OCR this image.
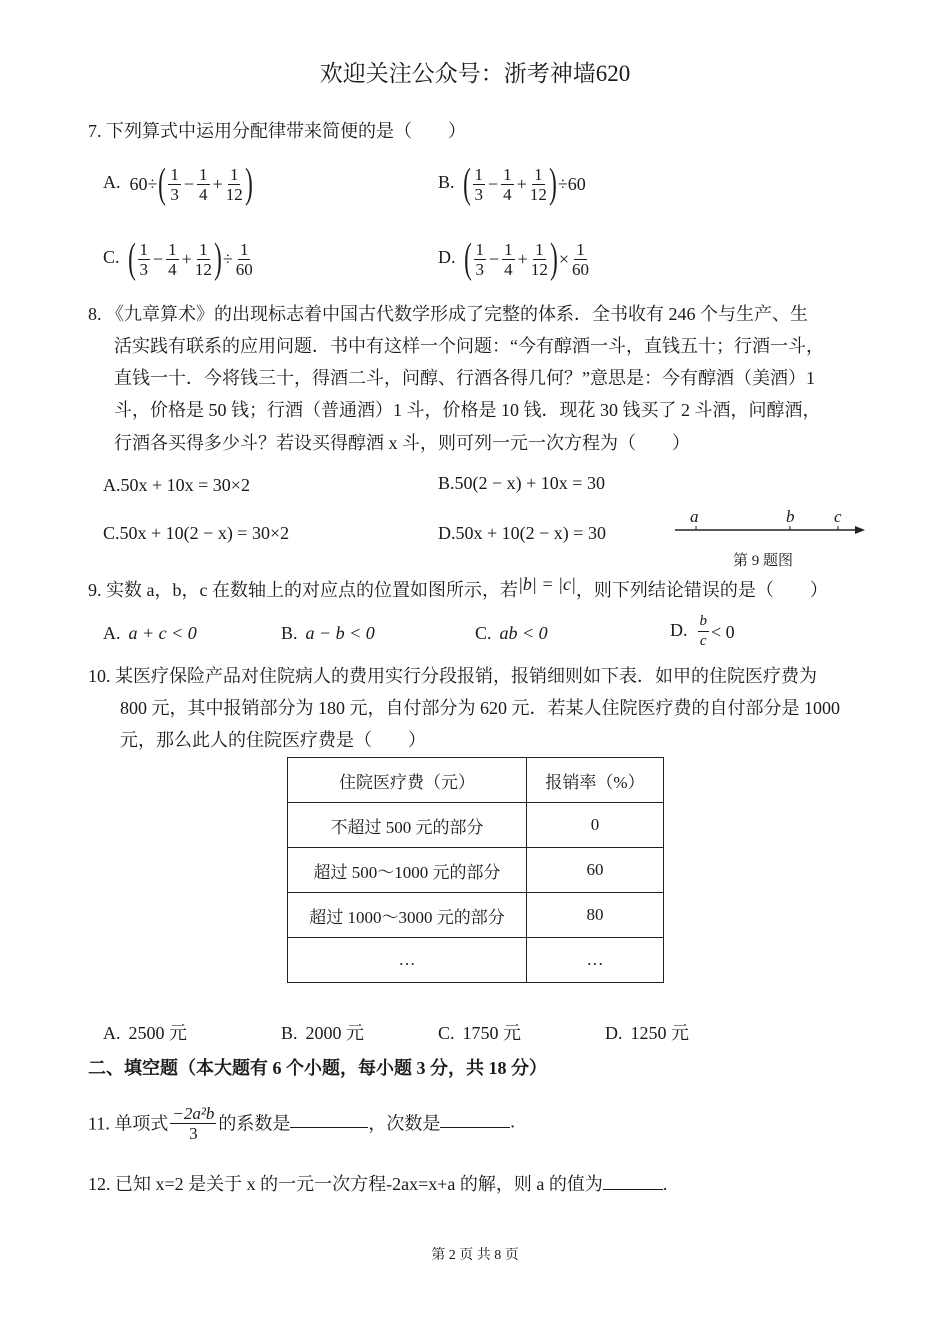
欢迎关注公众号：浙考神墙620
7. 下列算式中运用分配律带来简便的是（　　）
A. 60÷ ( $\frac{1}{3} - \frac{1}{4} + \frac{1}{12}$ )	B. ( $\frac{1}{3} - \frac{1}{4} + \frac{1}{12}$ ) ÷60
C. ( $\frac{1}{3} - \frac{1}{4} + \frac{1}{12}$ ) ÷ $\frac{1}{60}$	D. ( $\frac{1}{3} - \frac{1}{4} + \frac{1}{12}$ ) × $\frac{1}{60}$
8. 《九章算术》的出现标志着中国古代数学形成了完整的体系．全书收有 246 个与生产、生
活实践有联系的应用问题．书中有这样一个问题：“今有醇酒一斗，直钱五十；行酒一斗，
直钱一十．今将钱三十，得酒二斗，问醇、行酒各得几何？”意思是：今有醇酒（美酒）1
斗，价格是 50 钱；行酒（普通酒）1 斗，价格是 10 钱．现花 30 钱买了 2 斗酒，问醇酒，
行酒各买得多少斗？若设买得醇酒 x 斗，则可列一元一次方程为（　　）
A.50x + 10x = 30×2	B.50(2 − x) + 10x = 30
C.50x + 10(2 − x) = 30×2	D.50x + 10(2 − x) = 30
a	b c
第 9 题图
9. 实数 a，b，c 在数轴上的对应点的位置如图所示，若|b| = |c|，则下列结论错误的是（　　）
A. a + c < 0	B. a − b < 0	C. ab < 0	D. $\frac{b}{c} < 0$
10. 某医疗保险产品对住院病人的费用实行分段报销，报销细则如下表．如甲的住院医疗费为
800 元，其中报销部分为 180 元，自付部分为 620 元．若某人住院医疗费的自付部分是 1000
元，那么此人的住院医疗费是（　　）
住院医疗费（元）	报销率（%）
不超过 500 元的部分	0
超过 500～1000 元的部分	60
超过 1000～3000 元的部分	80
…	…
A. 2500 元	B. 2000 元	C. 1750 元	D. 1250 元
二、填空题（本大题有 6 个小题，每小题 3 分，共 18 分）
11. 单项式 $\frac{\text{−2a²b}}{3}$ 的系数是	，次数是	.
12. 已知 x=2 是关于 x 的一元一次方程-2ax=x+a 的解，则 a 的值为	.
第 2 页 共 8 页
